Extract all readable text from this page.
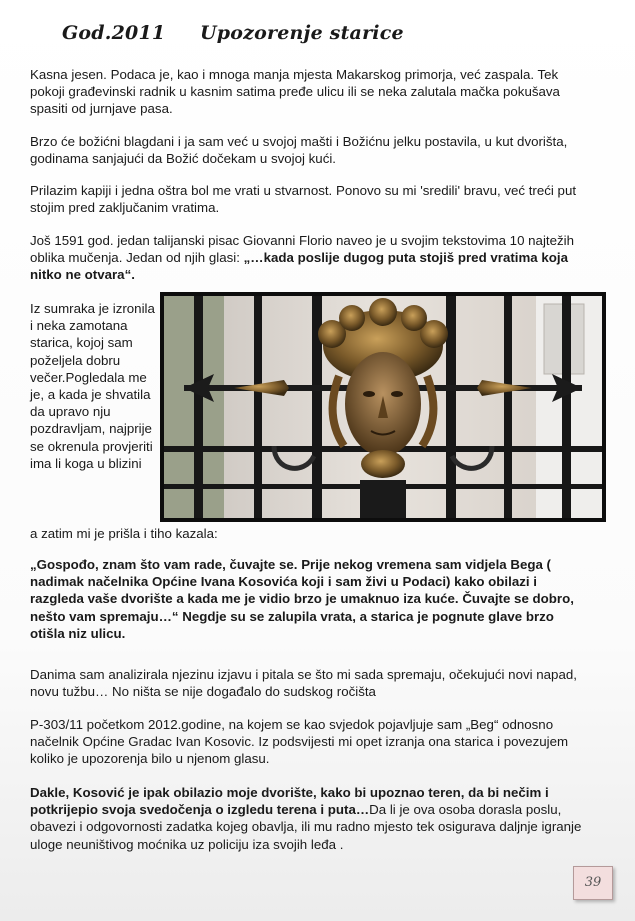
God.2011 Upozorenje starice

Kasna jesen. Podaca je, kao i mnoga manja mjesta Makarskog primorja, već zaspala. Tek pokoji građevinski radnik u kasnim satima pređe ulicu ili se neka zalutala mačka pokušava spasiti od jurnjave pasa.

Brzo će božićni blagdani i ja sam već u svojoj mašti i Božićnu jelku postavila, u kut dvorišta, godinama sanjajući da Božić dočekam u svojoj kući.

Prilazim kapiji i jedna oštra bol me vrati u stvarnost. Ponovo su mi 'sredili' bravu, već treći put stojim pred zaključanim vratima.

Još 1591 god. jedan talijanski pisac Giovanni Florio naveo je u svojim tekstovima 10 najtežih oblika mučenja. Jedan od njih glasi: „…kada poslije dugog puta stojiš pred vratima koja nitko ne otvara“.

Iz sumraka je izronila i neka zamotana starica, kojoj sam poželjela dobru večer.Pogledala me je, a kada je shvatila da upravo nju pozdravljam, najprije se okrenula provjeriti ima li koga u blizini

a zatim mi je prišla i tiho kazala:

„Gospođo, znam što vam rade, čuvajte se. Prije nekog vremena sam vidjela Bega ( nadimak načelnika Općine Ivana Kosovića koji i sam živi u Podaci) kako obilazi i razgleda vaše dvorište a kada me je vidio brzo je umaknuo iza kuće. Čuvajte se dobro, nešto vam spremaju…“ Negdje su se zalupila vrata, a starica je pognute glave brzo otišla niz ulicu.

Danima sam analizirala njezinu izjavu i pitala se što mi sada spremaju, očekujući novi napad, novu tužbu… No ništa se nije događalo do sudskog ročišta

P-303/11 početkom 2012.godine, na kojem se kao svjedok pojavljuje sam „Beg“ odnosno načelnik Općine Gradac Ivan Kosovic. Iz podsvijesti mi opet izranja ona starica i povezujem koliko je upozorenja bilo u njenom glasu.

Dakle, Kosović je ipak obilazio moje dvorište, kako bi upoznao teren, da bi nečim i potkrijepio svoja svedočenja o izgledu terena i puta…Da li je ova osoba dorasla poslu, obavezi i odgovornosti zadatka kojeg obavlja, ili mu radno mjesto tek osigurava daljnje igranje uloge neuništivog moćnika uz policiju iza svojih leđa .

39
